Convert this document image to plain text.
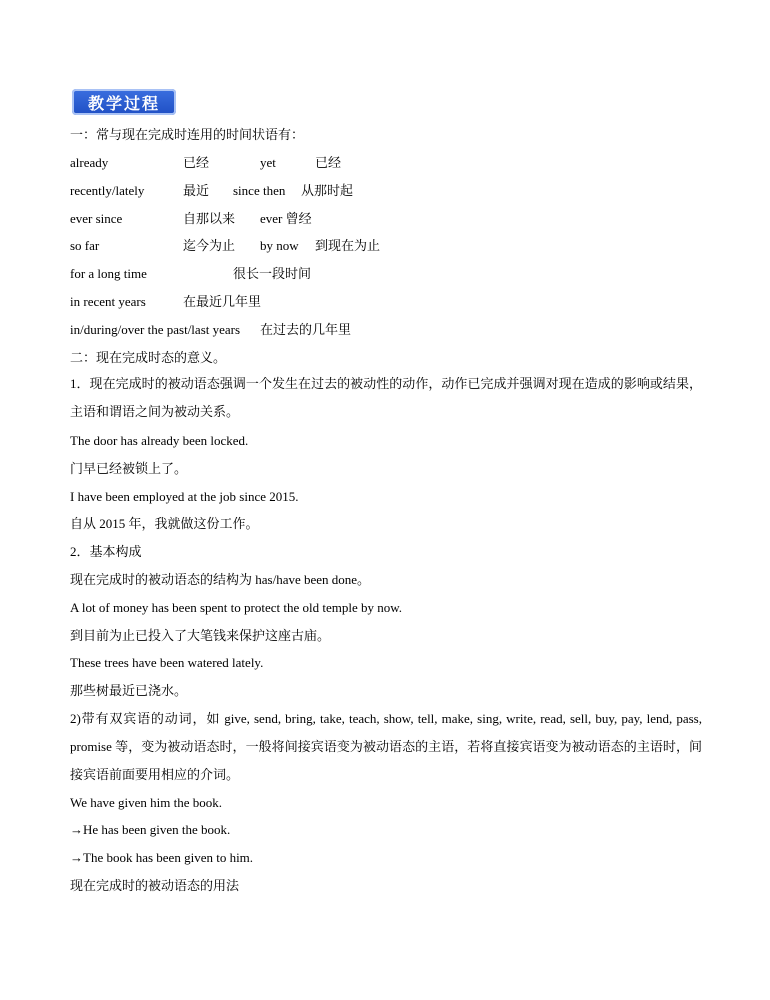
教学过程
一：常与现在完成时连用的时间状语有：
already	已经	yet	已经
recently/lately	最近 since then 从那时起
ever since	自那以来 ever 曾经
so far	迄今为止 by now 到现在为止
for a long time	很长一段时间
in recent years	在最近几年里
in/during/over the past/last years 在过去的几年里
二：现在完成时态的意义。
1．现在完成时的被动语态强调一个发生在过去的被动性的动作，动作已完成并强调对现在造成的影响或结果，主语和谓语之间为被动关系。
The door has already been locked.
门早已经被锁上了。
I have been employed at the job since 2015.
自从 2015 年，我就做这份工作。
2．基本构成
现在完成时的被动语态的结构为 has/have been done。
A lot of money has been spent to protect the old temple by now.
到目前为止已投入了大笔钱来保护这座古庙。
These trees have been watered lately.
那些树最近已浇水。
2)带有双宾语的动词，如 give, send, bring, take, teach, show, tell, make, sing, write, read, sell, buy, pay, lend, pass,　promise 等，变为被动语态时，一般将间接宾语变为被动语态的主语，若将直接宾语变为被动语态的主语时，间接宾语前面要用相应的介词。
We have given him the book.
→He has been given the book.
→The book has been given to him.
现在完成时的被动语态的用法
